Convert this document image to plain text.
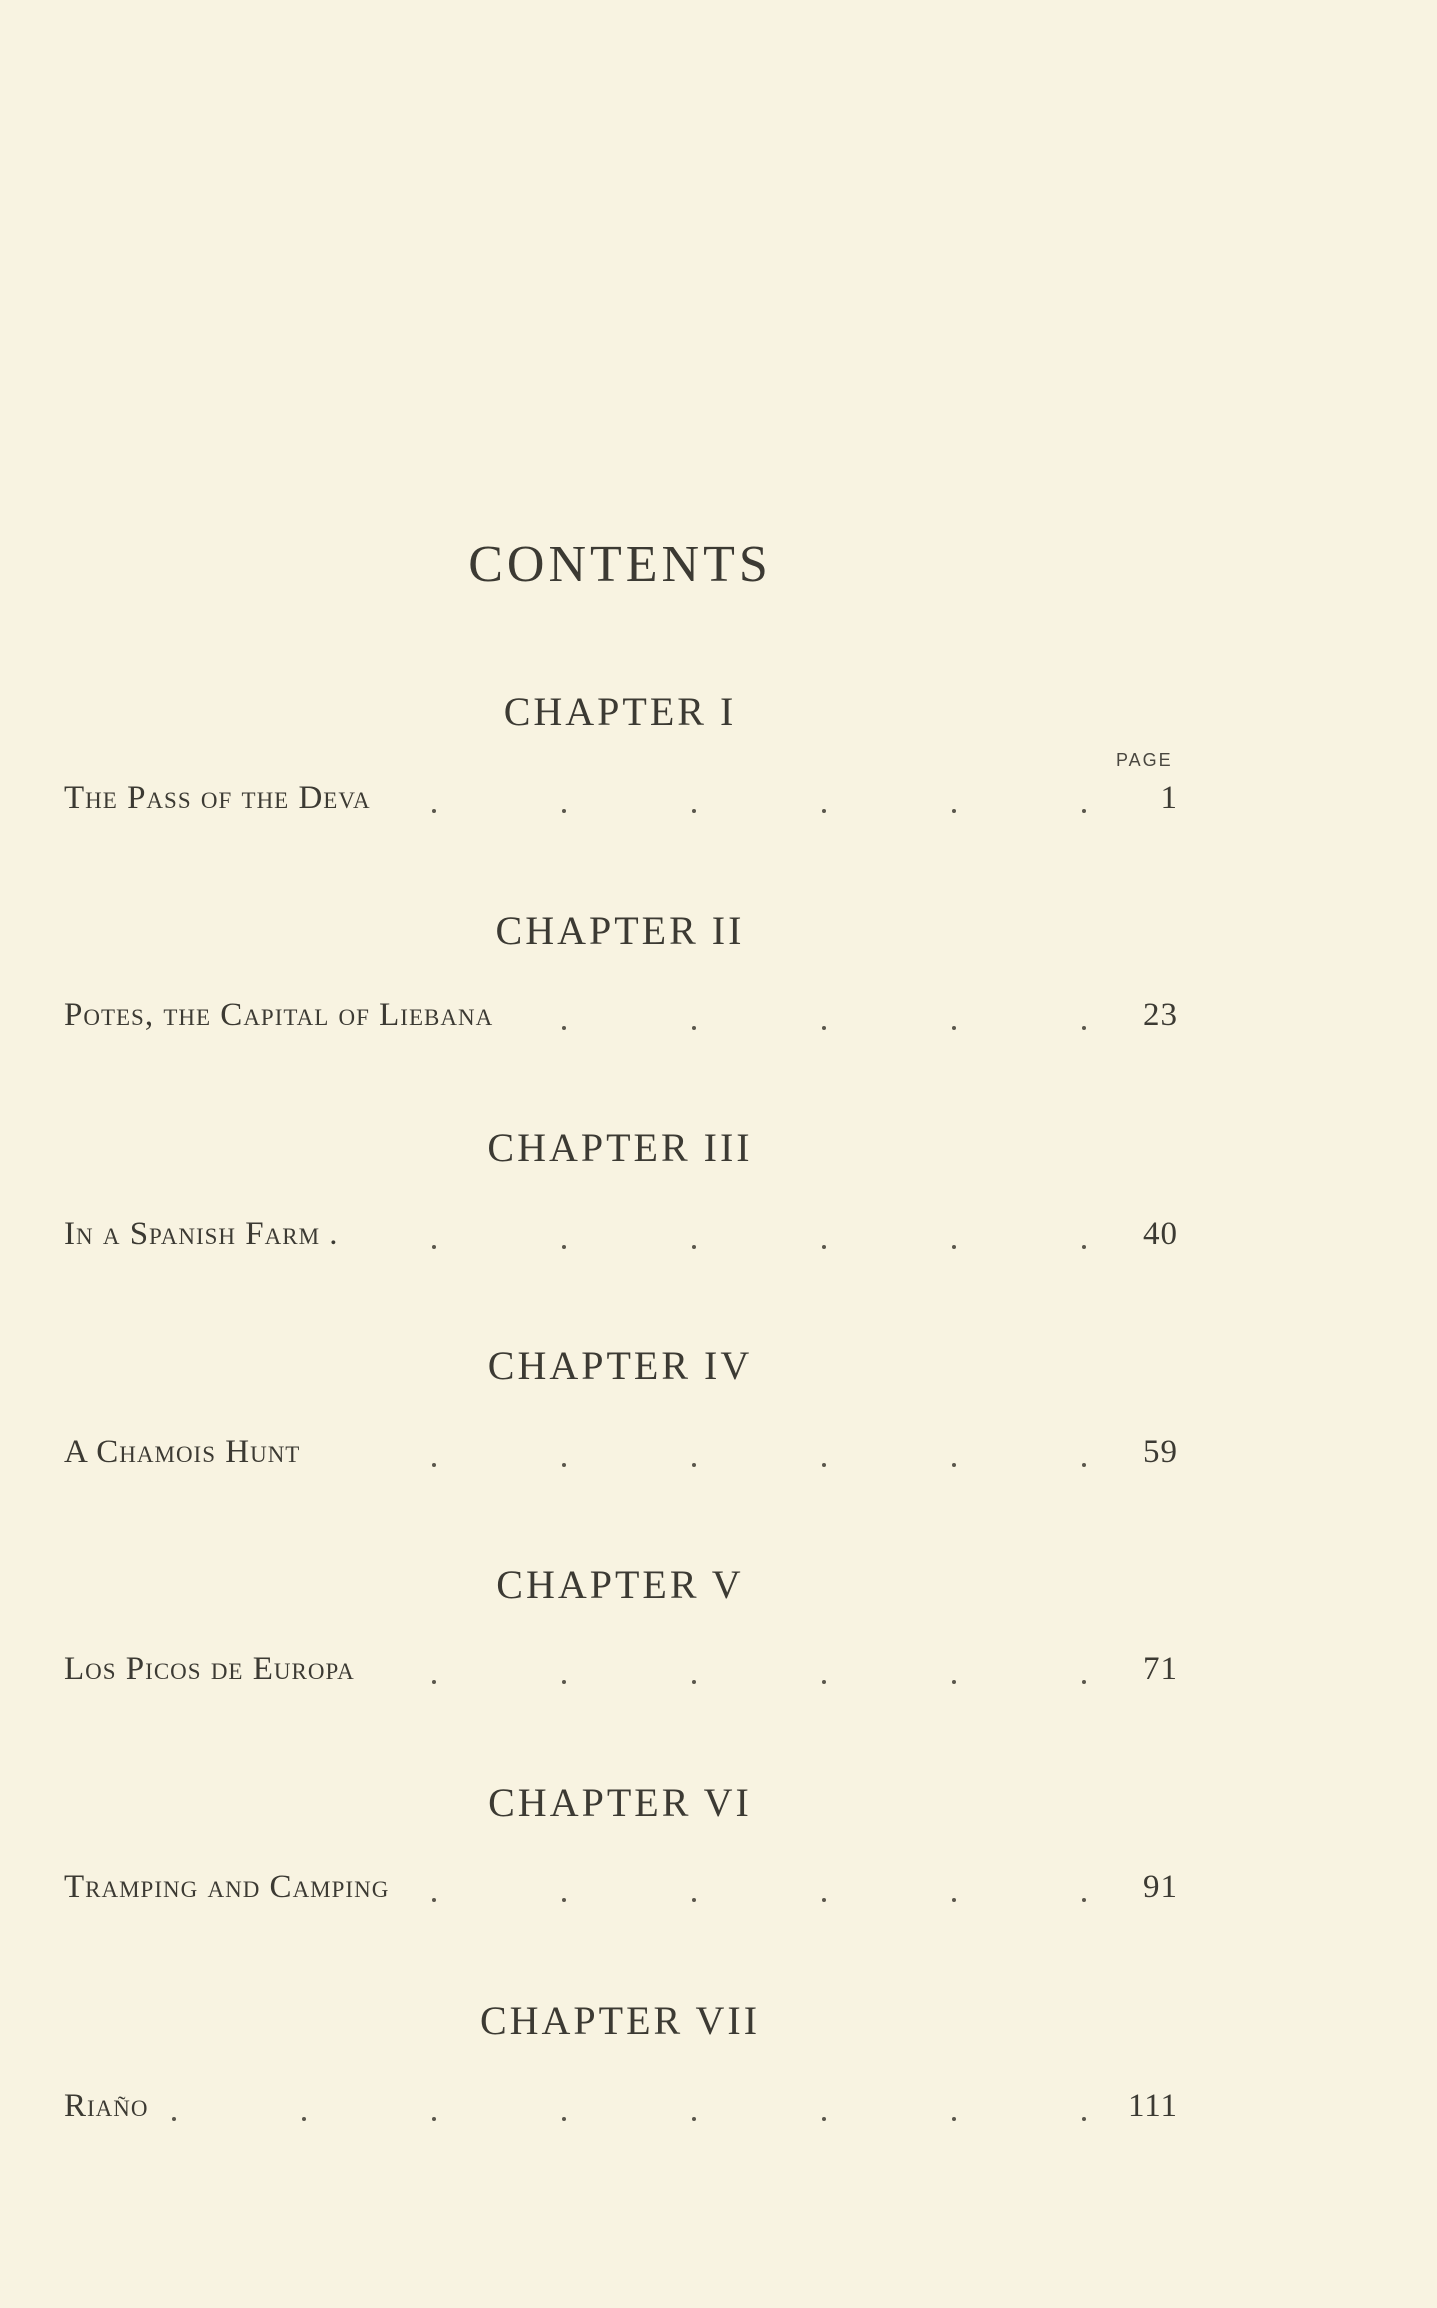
CONTENTS
PAGE
CHAPTER I
The Pass of the Deva	1
CHAPTER II
Potes, the Capital of Liebana	23
CHAPTER III
In a Spanish Farm .	40
CHAPTER IV
A Chamois Hunt	59
CHAPTER V
Los Picos de Europa	71
CHAPTER VI
Tramping and Camping	91
CHAPTER VII
Riaño	111
